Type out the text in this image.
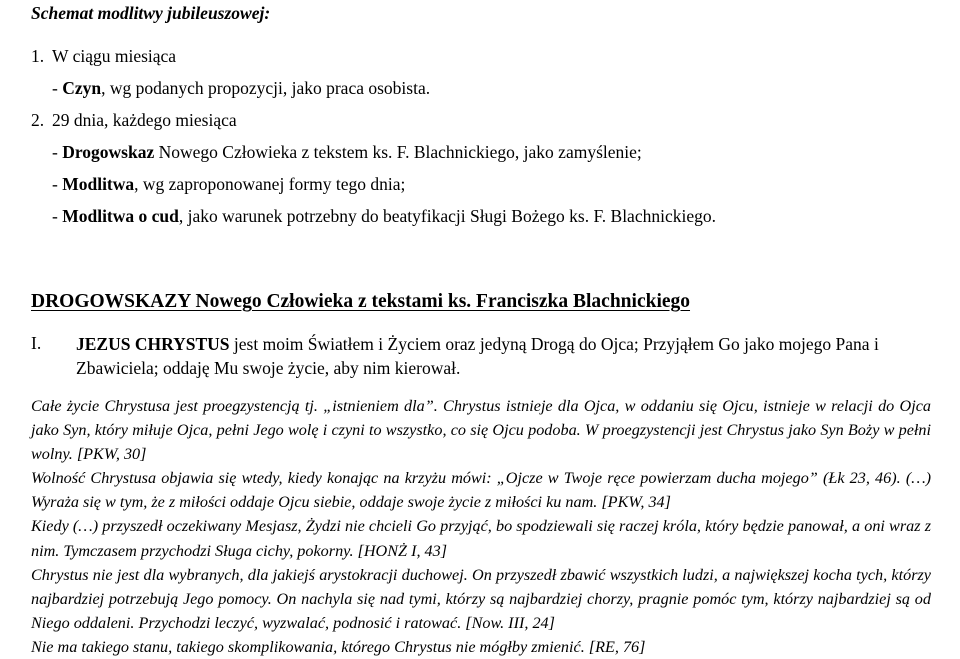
Schemat modlitwy jubileuszowej:
1. W ciągu miesiąca
- Czyn, wg podanych propozycji, jako praca osobista.
2. 29 dnia, każdego miesiąca
- Drogowskaz Nowego Człowieka z tekstem ks. F. Blachnickiego, jako zamyślenie;
- Modlitwa, wg zaproponowanej formy tego dnia;
- Modlitwa o cud, jako warunek potrzebny do beatyfikacji Sługi Bożego ks. F. Blachnickiego.
DROGOWSKAZY Nowego Człowieka z tekstami ks. Franciszka Blachnickiego
I. JEZUS CHRYSTUS jest moim Światłem i Życiem oraz jedyną Drogą do Ojca; Przyjąłem Go jako mojego Pana i Zbawiciela; oddaję Mu swoje życie, aby nim kierował.

Całe życie Chrystusa jest proegzystencją tj. „istnieniem dla”. Chrystus istnieje dla Ojca, w oddaniu się Ojcu, istnieje w relacji do Ojca jako Syn, który miłuje Ojca, pełni Jego wolę i czyni to wszystko, co się Ojcu podoba. W proegzystencji jest Chrystus jako Syn Boży w pełni wolny. [PKW, 30]

Wolność Chrystusa objawia się wtedy, kiedy konając na krzyżu mówi: „Ojcze w Twoje ręce powierzam ducha mojego” (Łk 23, 46). (…) Wyraża się w tym, że z miłości oddaje Ojcu siebie, oddaje swoje życie z miłości ku nam. [PKW, 34]

Kiedy (…) przyszedł oczekiwany Mesjasz, Żydzi nie chcieli Go przyjąć, bo spodziewali się raczej króla, który będzie panował, a oni wraz z nim. Tymczasem przychodzi Sługa cichy, pokorny. [HONŻ I, 43]

Chrystus nie jest dla wybranych, dla jakiejś arystokracji duchowej. On przyszedł zbawić wszystkich ludzi, a największej kocha tych, którzy najbardziej potrzebują Jego pomocy. On nachyla się nad tymi, którzy są najbardziej chorzy, pragnie pomóc tym, którzy najbardziej są od Niego oddaleni. Przychodzi leczyć, wyzwalać, podnosić i ratować. [Now. III, 24]

Nie ma takiego stanu, takiego skomplikowania, którego Chrystus nie mógłby zmienić. [RE, 76]
